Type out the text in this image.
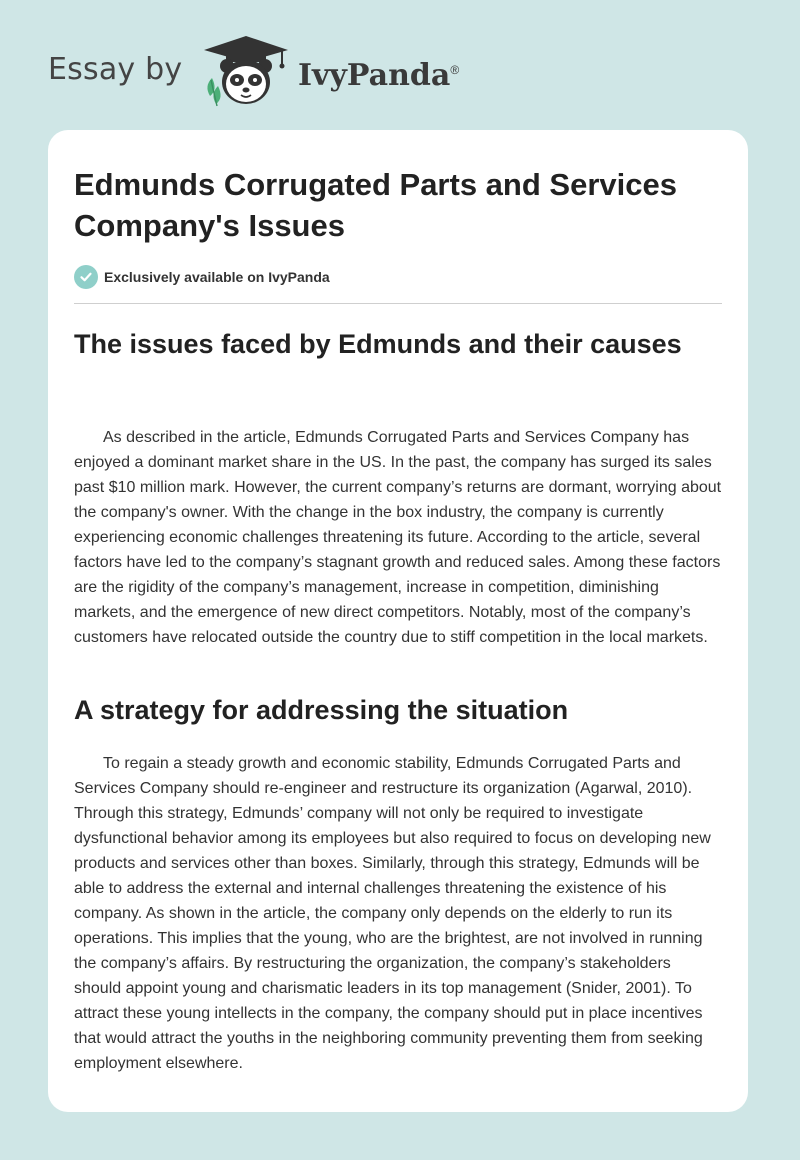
Essay by	IvyPanda®
Edmunds Corrugated Parts and Services Company's Issues
Exclusively available on IvyPanda
The issues faced by Edmunds and their causes

As described in the article, Edmunds Corrugated Parts and Services Company has enjoyed a dominant market share in the US. In the past, the company has surged its sales past $10 million mark. However, the current company’s returns are dormant, worrying about the company's owner. With the change in the box industry, the company is currently experiencing economic challenges threatening its future. According to the article, several factors have led to the company’s stagnant growth and reduced sales. Among these factors are the rigidity of the company’s management, increase in competition, diminishing markets, and the emergence of new direct competitors. Notably, most of the company’s customers have relocated outside the country due to stiff competition in the local markets.

A strategy for addressing the situation

To regain a steady growth and economic stability, Edmunds Corrugated Parts and Services Company should re-engineer and restructure its organization (Agarwal, 2010). Through this strategy, Edmunds’ company will not only be required to investigate dysfunctional behavior among its employees but also required to focus on developing new products and services other than boxes. Similarly, through this strategy, Edmunds will be able to address the external and internal challenges threatening the existence of his company. As shown in the article, the company only depends on the elderly to run its operations. This implies that the young, who are the brightest, are not involved in running the company’s affairs. By restructuring the organization, the company’s stakeholders should appoint young and charismatic leaders in its top management (Snider, 2001). To attract these young intellects in the company, the company should put in place incentives that would attract the youths in the neighboring community preventing them from seeking employment elsewhere.
